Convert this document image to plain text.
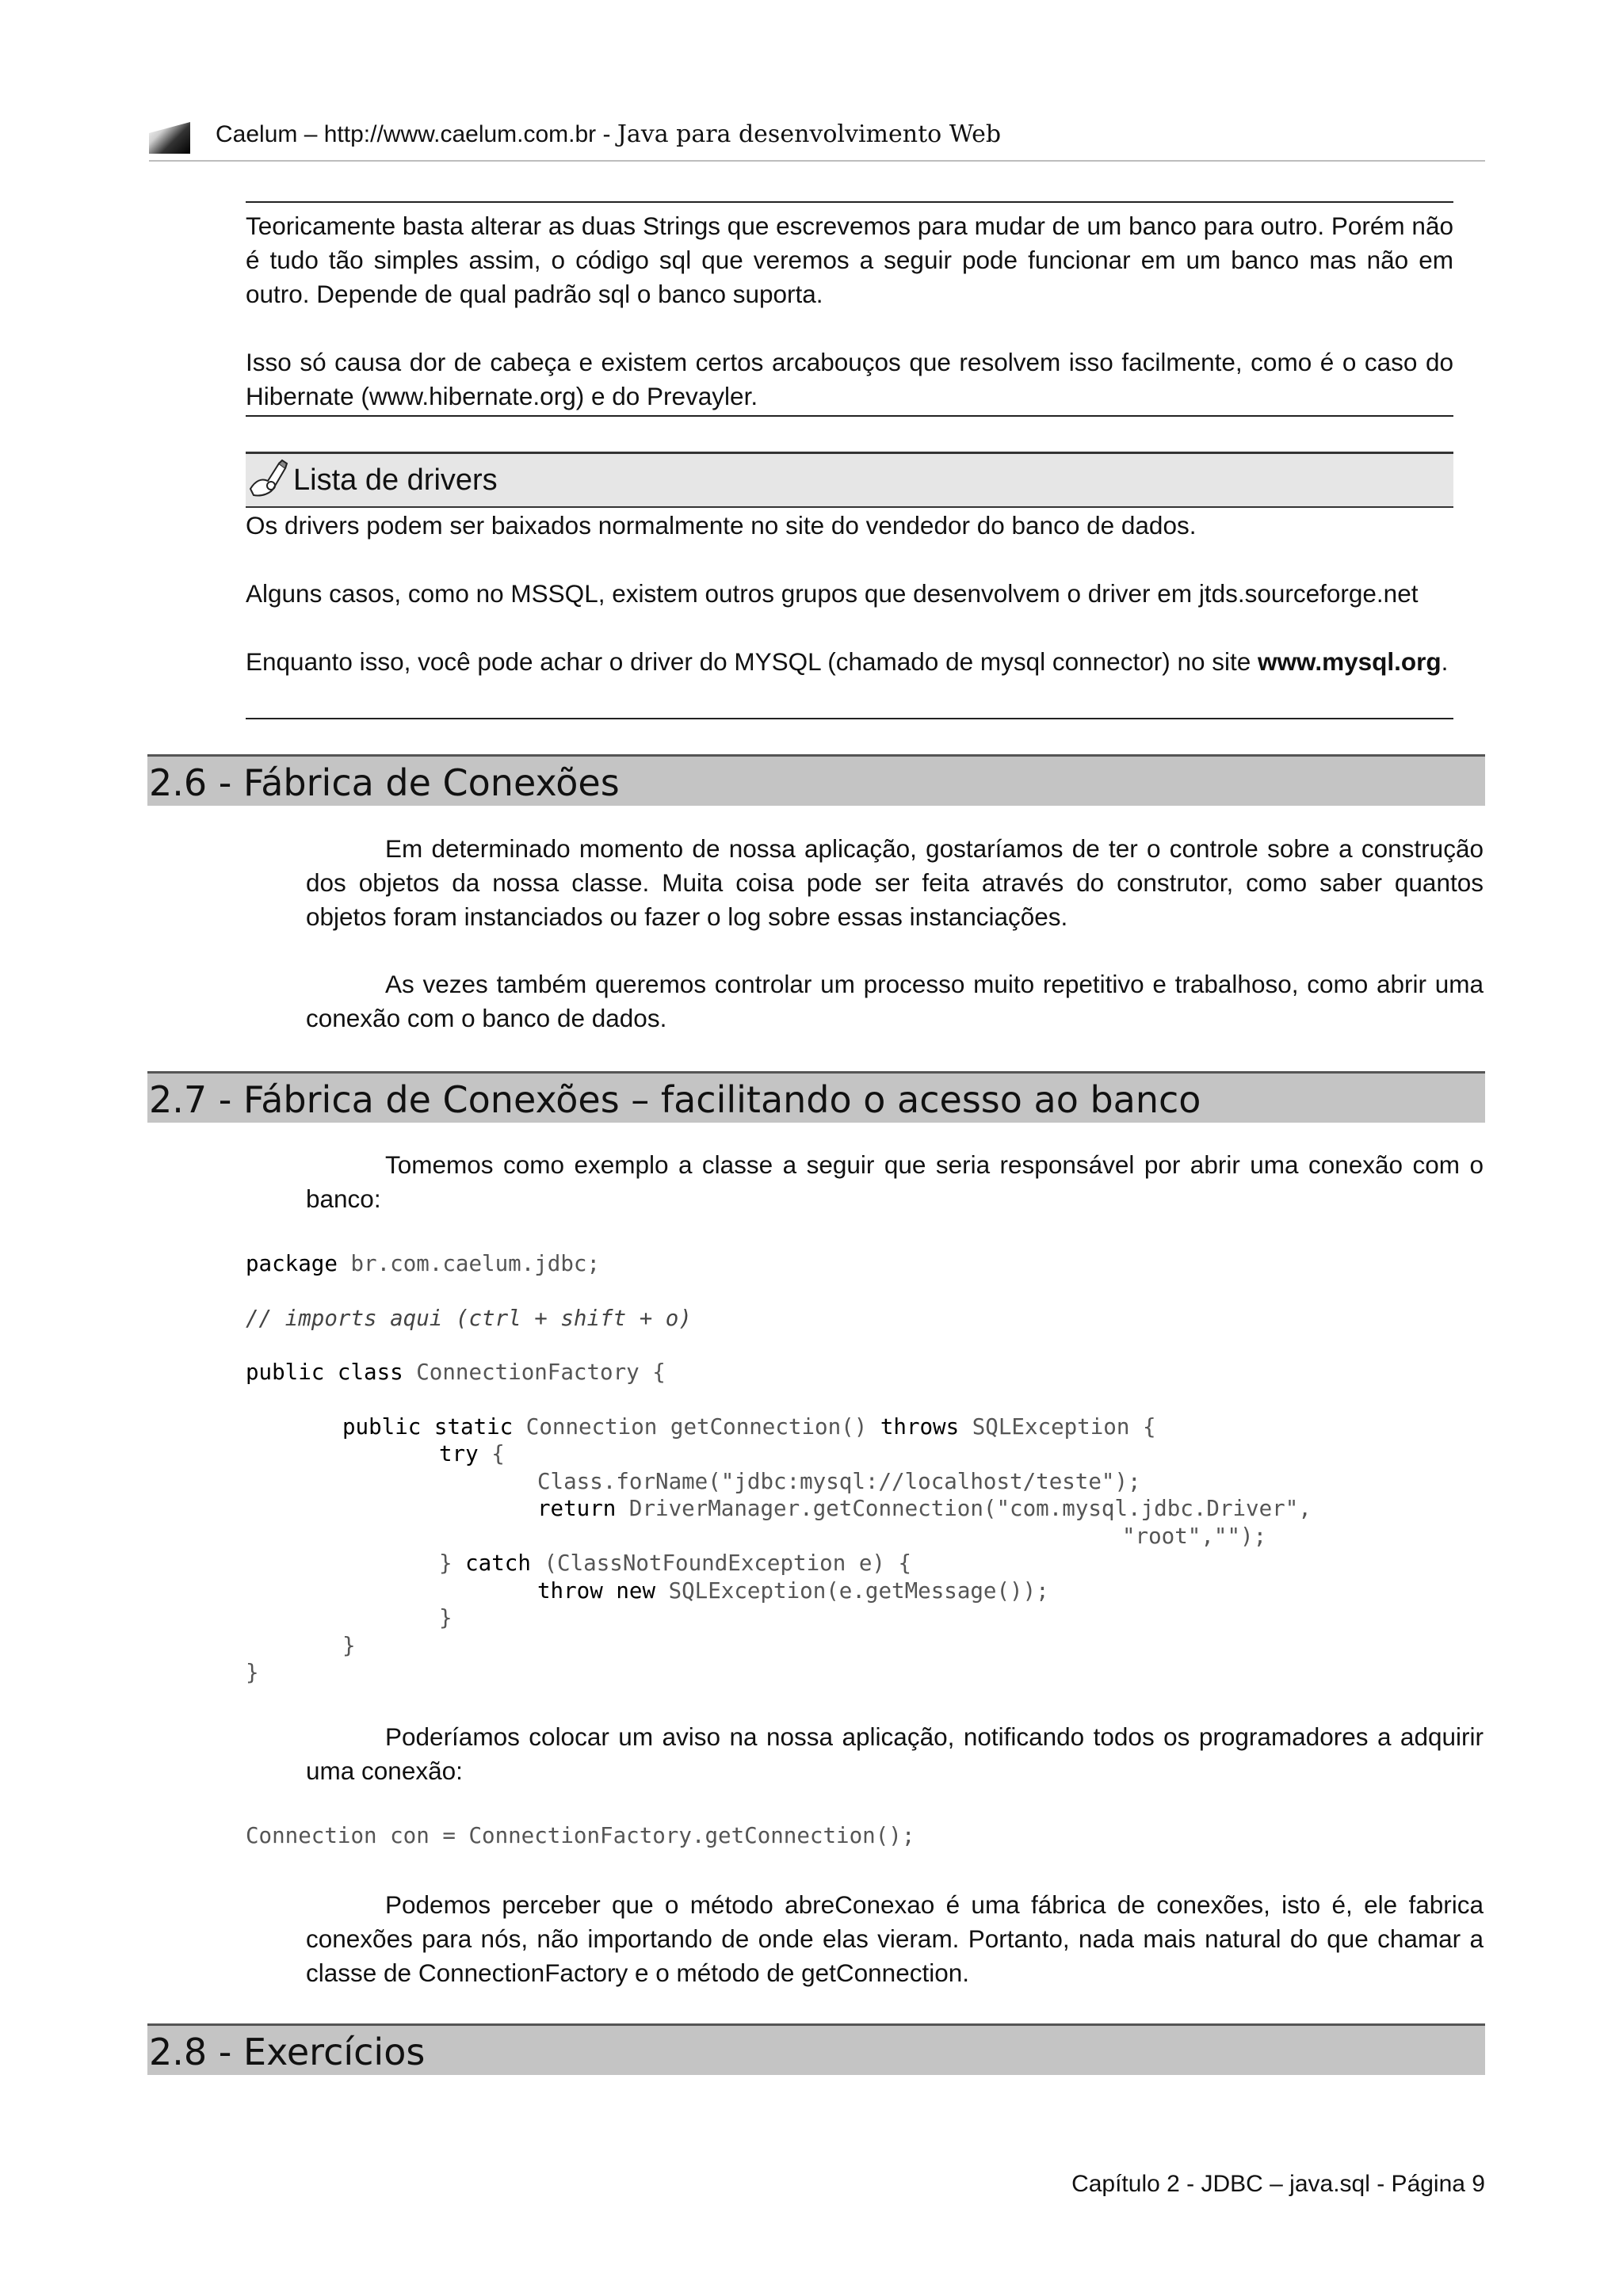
Caelum – http://www.caelum.com.br - Java para desenvolvimento Web
Teoricamente basta alterar as duas Strings que escrevemos para mudar de um banco para outro. Porém não é tudo tão simples assim, o código sql que veremos a seguir pode funcionar em um banco mas não em outro. Depende de qual padrão sql o banco suporta.
Isso só causa dor de cabeça e existem certos arcabouços que resolvem isso facilmente, como é o caso do Hibernate (www.hibernate.org) e do Prevayler.
Lista de drivers
Os drivers podem ser baixados normalmente no site do vendedor do banco de dados.
Alguns casos, como no MSSQL, existem outros grupos que desenvolvem o driver em jtds.sourceforge.net
Enquanto isso, você pode achar o driver do MYSQL (chamado de mysql connector) no site www.mysql.org.
2.6 - Fábrica de Conexões
Em determinado momento de nossa aplicação, gostaríamos de ter o controle sobre a construção dos objetos da nossa classe. Muita coisa pode ser feita através do construtor, como saber quantos objetos foram instanciados ou fazer o log sobre essas instanciações.
As vezes também queremos controlar um processo muito repetitivo e trabalhoso, como abrir uma conexão com o banco de dados.
2.7 - Fábrica de Conexões – facilitando o acesso ao banco
Tomemos como exemplo a classe a seguir que seria responsável por abrir uma conexão com o banco:
package br.com.caelum.jdbc;
// imports aqui (ctrl + shift + o)
public class ConnectionFactory {
public static Connection getConnection() throws SQLException {
try {
Class.forName("jdbc:mysql://localhost/teste");
return DriverManager.getConnection("com.mysql.jdbc.Driver",
"root","");
} catch (ClassNotFoundException e) {
throw new SQLException(e.getMessage());
}
}
}
Poderíamos colocar um aviso na nossa aplicação, notificando todos os programadores a adquirir uma conexão:
Connection con = ConnectionFactory.getConnection();
Podemos perceber que o método abreConexao é uma fábrica de conexões, isto é, ele fabrica conexões para nós, não importando de onde elas vieram. Portanto, nada mais natural do que chamar a classe de ConnectionFactory e o método de getConnection.
2.8 - Exercícios
Capítulo 2 - JDBC – java.sql - Página 9
